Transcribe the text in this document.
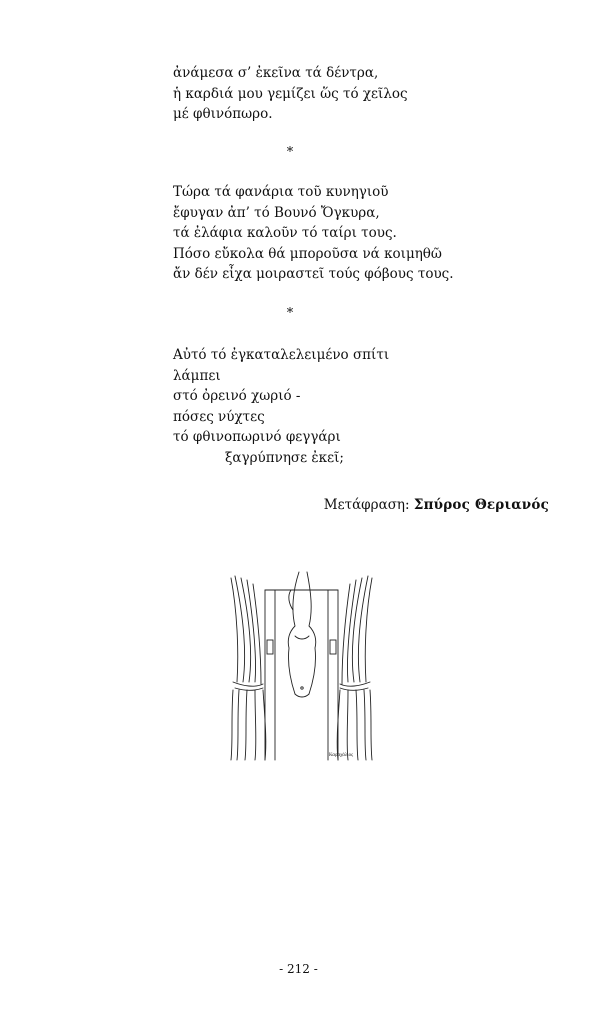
ἀνάμεσα σ’ ἐκεῖνα τά δέντρα,
ἡ καρδιά μου γεμίζει ὥς τό χεῖλος
μέ φθινόπωρο.
*
Τώρα τά φανάρια τοῦ κυνηγιοῦ
ἔφυγαν ἀπ’ τό Βουνό Ὄγκυρα,
τά ἐλάφια καλοῦν τό ταίρι τους.
Πόσο εὔκολα θά μποροῦσα νά κοιμηθῶ
ἄν δέν εἶχα μοιραστεῖ τούς φόβους τους.
*
Αὐτό τό ἐγκαταλελειμένο σπίτι
λάμπει
στό ὀρεινό χωριό -
πόσες νύχτες
τό φθινοπωρινό φεγγάρι
ξαγρύπνησε ἐκεῖ;
Μετάφραση: Σπύρος Θεριανός
Καραχάλιος
- 212 -
